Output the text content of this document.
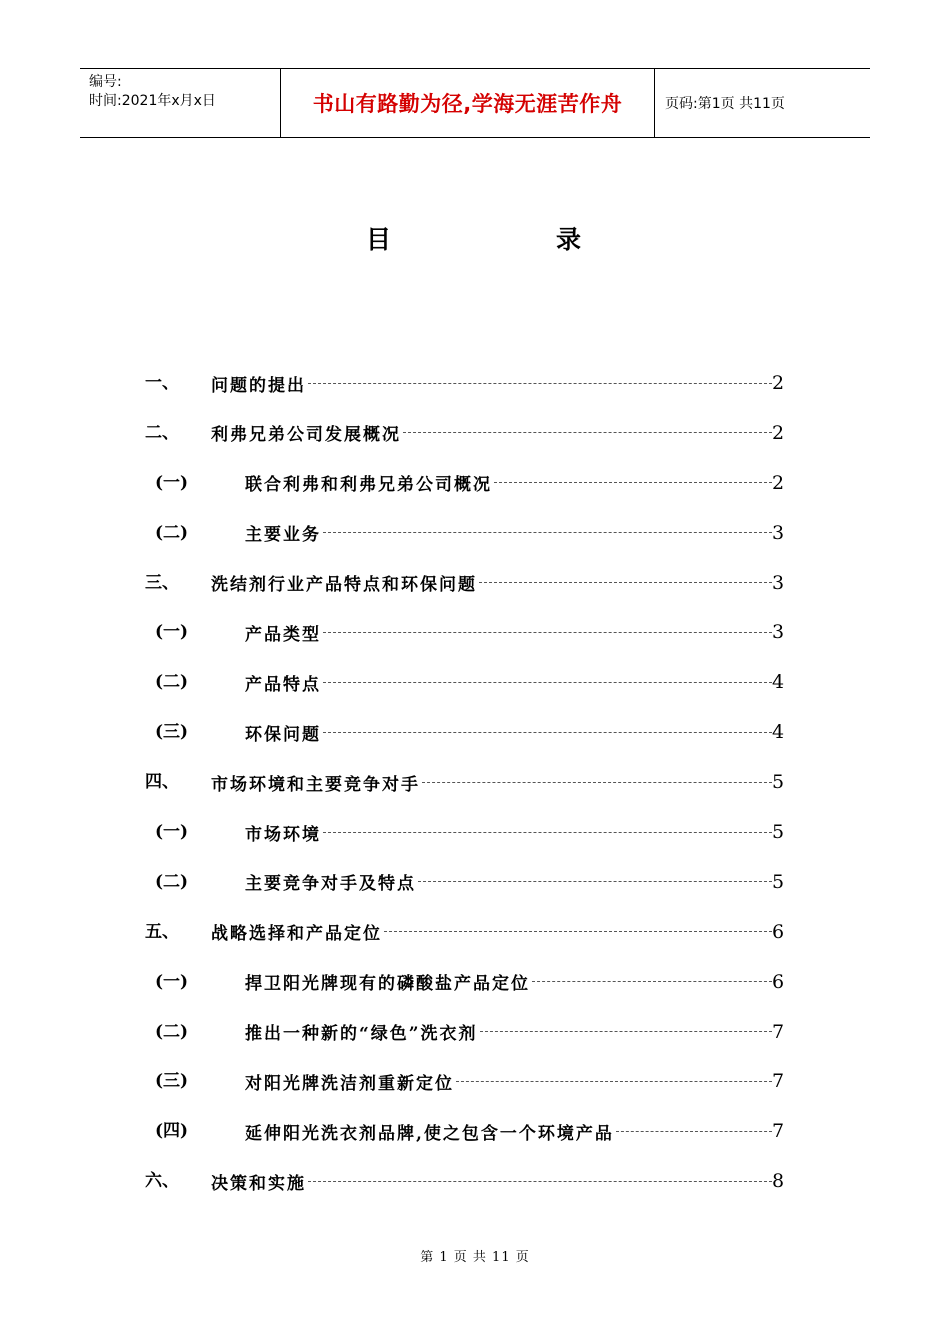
编号:
时间:2021年x月x日	书山有路勤为径,学海无涯苦作舟	页码:第1页 共11页
目	录
一、 问题的提出	2
二、 利弗兄弟公司发展概况	2
(一)	联合利弗和利弗兄弟公司概况	2
(二)	主要业务	3
三、 洗结剂行业产品特点和环保问题	3
(一)	产品类型	3
(二)	产品特点	4
(三)	环保问题	4
四、 市场环境和主要竞争对手	5
(一)	市场环境	5
(二)	主要竞争对手及特点	5
五、 战略选择和产品定位	6
(一)	捍卫阳光牌现有的磷酸盐产品定位	6
(二)	推出一种新的“绿色”洗衣剂	7
(三)	对阳光牌洗洁剂重新定位	7
(四)	延伸阳光洗衣剂品牌,使之包含一个环境产品	7
六、 决策和实施	8
第 1 页 共 11 页
